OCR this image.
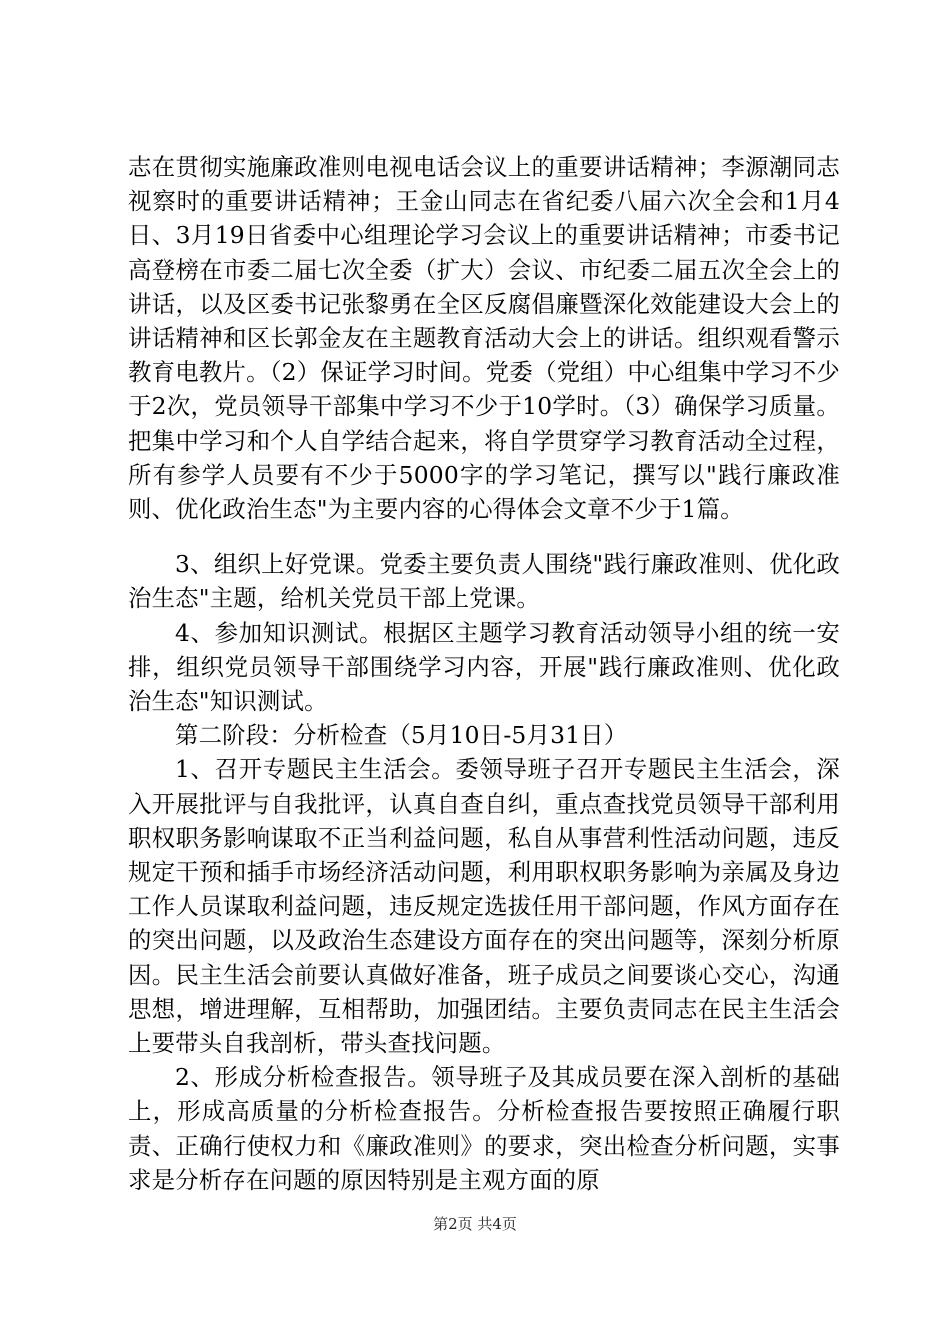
志在贯彻实施廉政准则电视电话会议上的重要讲话精神；李源潮同志视察时的重要讲话精神；王金山同志在省纪委八届六次全会和1月4日、3月19日省委中心组理论学习会议上的重要讲话精神；市委书记高登榜在市委二届七次全委（扩大）会议、市纪委二届五次全会上的讲话，以及区委书记张黎勇在全区反腐倡廉暨深化效能建设大会上的讲话精神和区长郭金友在主题教育活动大会上的讲话。组织观看警示教育电教片。（2）保证学习时间。党委（党组）中心组集中学习不少于2次，党员领导干部集中学习不少于10学时。（3）确保学习质量。把集中学习和个人自学结合起来，将自学贯穿学习教育活动全过程，所有参学人员要有不少于5000字的学习笔记，撰写以"践行廉政准则、优化政治生态"为主要内容的心得体会文章不少于1篇。

3、组织上好党课。党委主要负责人围绕"践行廉政准则、优化政治生态"主题，给机关党员干部上党课。

4、参加知识测试。根据区主题学习教育活动领导小组的统一安排，组织党员领导干部围绕学习内容，开展"践行廉政准则、优化政治生态"知识测试。

第二阶段：分析检查（5月10日-5月31日）

1、召开专题民主生活会。委领导班子召开专题民主生活会，深入开展批评与自我批评，认真自查自纠，重点查找党员领导干部利用职权职务影响谋取不正当利益问题，私自从事营利性活动问题，违反规定干预和插手市场经济活动问题，利用职权职务影响为亲属及身边工作人员谋取利益问题，违反规定选拔任用干部问题，作风方面存在的突出问题，以及政治生态建设方面存在的突出问题等，深刻分析原因。民主生活会前要认真做好准备，班子成员之间要谈心交心，沟通思想，增进理解，互相帮助，加强团结。主要负责同志在民主生活会上要带头自我剖析，带头查找问题。

2、形成分析检查报告。领导班子及其成员要在深入剖析的基础上，形成高质量的分析检查报告。分析检查报告要按照正确履行职责、正确行使权力和《廉政准则》的要求，突出检查分析问题，实事求是分析存在问题的原因特别是主观方面的原

第2页 共4页
